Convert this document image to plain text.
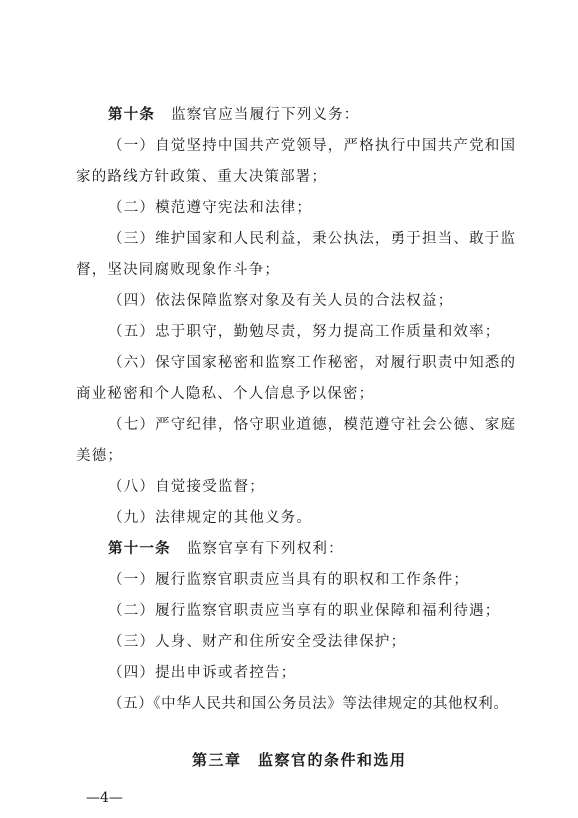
第十条 监察官应当履行下列义务：
（一）自觉坚持中国共产党领导，严格执行中国共产党和国
家的路线方针政策、重大决策部署；
（二）模范遵守宪法和法律；
（三）维护国家和人民利益，秉公执法，勇于担当、敢于监
督，坚决同腐败现象作斗争；
（四）依法保障监察对象及有关人员的合法权益；
（五）忠于职守，勤勉尽责，努力提高工作质量和效率；
（六）保守国家秘密和监察工作秘密，对履行职责中知悉的
商业秘密和个人隐私、个人信息予以保密；
（七）严守纪律，恪守职业道德，模范遵守社会公德、家庭
美德；
（八）自觉接受监督；
（九）法律规定的其他义务。
第十一条 监察官享有下列权利：
（一）履行监察官职责应当具有的职权和工作条件；
（二）履行监察官职责应当享有的职业保障和福利待遇；
（三）人身、财产和住所安全受法律保护；
（四）提出申诉或者控告；
（五）《中华人民共和国公务员法》等法律规定的其他权利。
第三章　监察官的条件和选用
—4—
